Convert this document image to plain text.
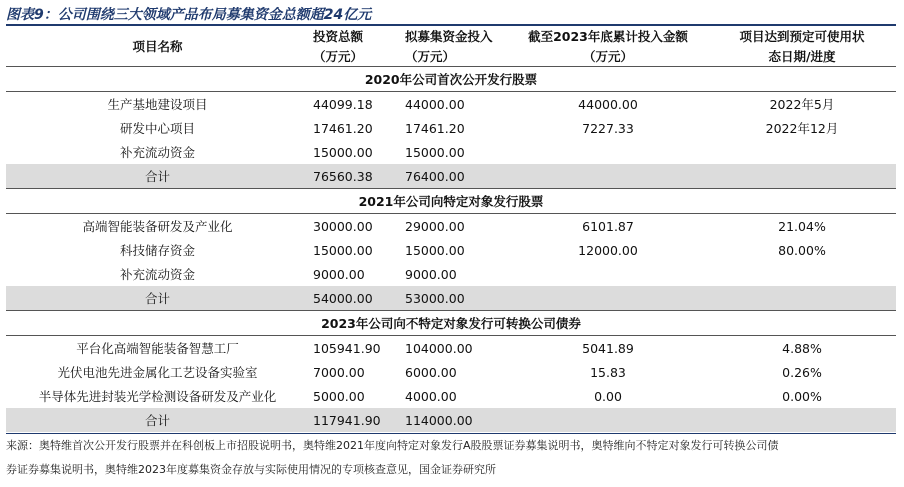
图表9：公司围绕三大领域产品布局募集资金总额超24亿元
项目名称	投资总额	拟募集资金投入	截至2023年底累计投入金额	项目达到预定可使用状
	（万元）	（万元）	（万元）	态日期/进度
2020年公司首次公开发行股票				
生产基地建设项目	44099.18	44000.00	44000.00	2022年5月
研发中心项目	17461.20	17461.20	7227.33	2022年12月
补充流动资金	15000.00	15000.00		
合计	76560.38	76400.00		
2021年公司向特定对象发行股票				
高端智能装备研发及产业化	30000.00	29000.00	6101.87	21.04%
科技储存资金	15000.00	15000.00	12000.00	80.00%
补充流动资金	9000.00	9000.00		
合计	54000.00	53000.00		
2023年公司向不特定对象发行可转换公司债券				
平台化高端智能装备智慧工厂	105941.90	104000.00	5041.89	4.88%
光伏电池先进金属化工艺设备实验室	7000.00	6000.00	15.83	0.26%
半导体先进封装光学检测设备研发及产业化	5000.00	4000.00	0.00	0.00%
合计	117941.90	114000.00		
来源：奥特维首次公开发行股票并在科创板上市招股说明书，奥特维2021年度向特定对象发行A股股票证券募集说明书，奥特维向不特定对象发行可转换公司债
券证券募集说明书，奥特维2023年度募集资金存放与实际使用情况的专项核查意见，国金证券研究所
